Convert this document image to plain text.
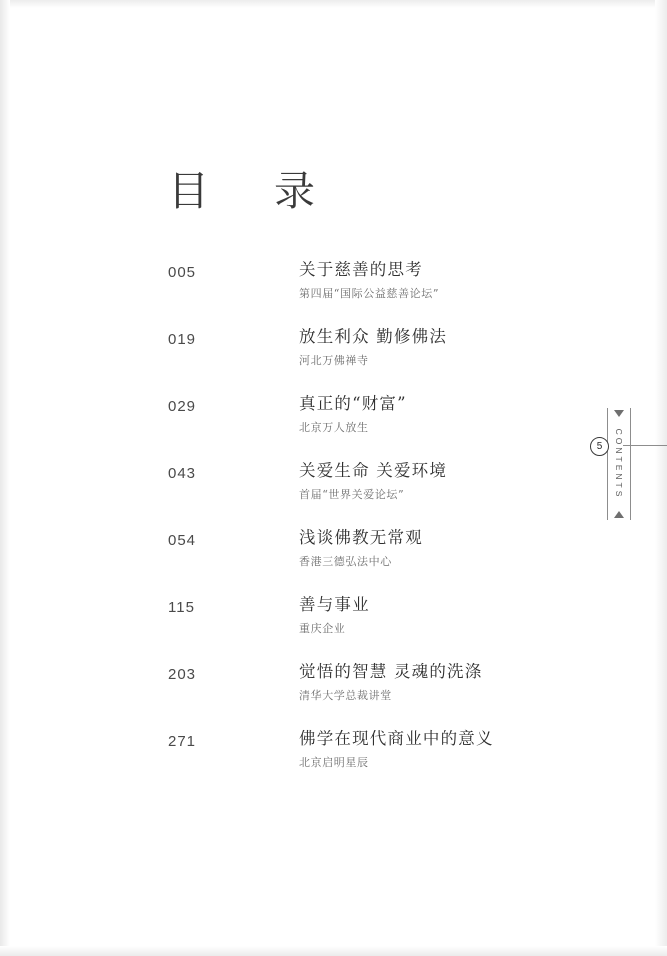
目　录
005	关于慈善的思考
第四届“国际公益慈善论坛”
019	放生利众 勤修佛法
河北万佛禅寺
029	真正的“财富”
北京万人放生
043	关爱生命 关爱环境
首届“世界关爱论坛”
054	浅谈佛教无常观
香港三德弘法中心
115	善与事业
重庆企业
203	觉悟的智慧 灵魂的洗涤
清华大学总裁讲堂
271	佛学在现代商业中的意义
北京启明星辰
CONTENTS
5
